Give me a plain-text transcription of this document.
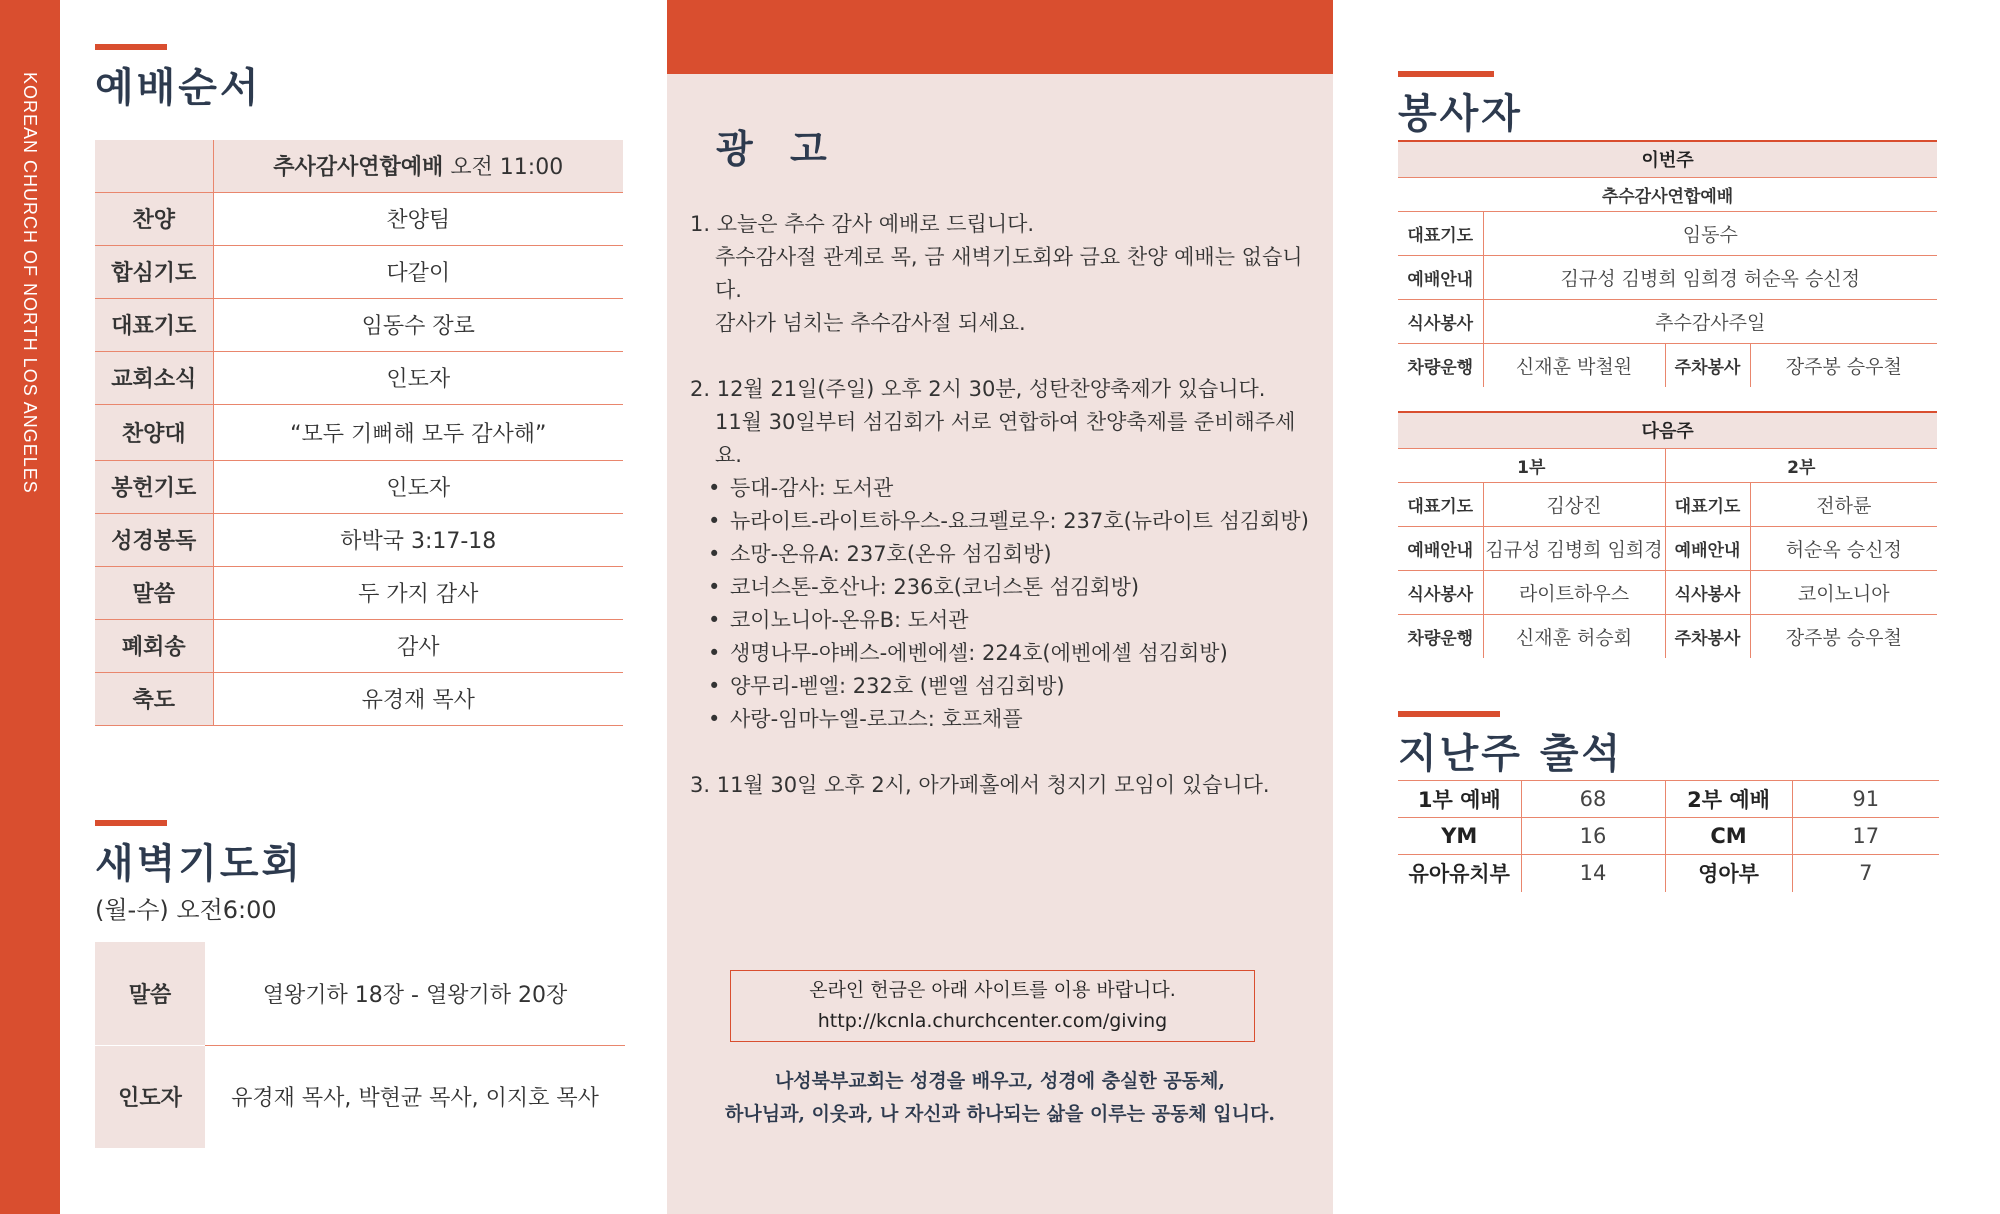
KOREAN CHURCH OF NORTH LOS ANGELES 예배순서
	추사감사연합예배 오전 11:00
찬양	찬양팀
합심기도	다같이
대표기도	임동수 장로
교회소식	인도자
찬양대	“모두 기뻐해 모두 감사해”
봉헌기도	인도자
성경봉독	하박국 3:17-18
말씀	두 가지 감사
폐회송	감사
축도	유경재 목사
새벽기도회
(월-수) 오전6:00
말씀	열왕기하 18장 - 열왕기하 20장
인도자	유경재 목사, 박현균 목사, 이지호 목사
광 고
1. 오늘은 추수 감사 예배로 드립니다.
추수감사절 관계로 목, 금 새벽기도회와 금요 찬양 예배는 없습니다.
감사가 넘치는 추수감사절 되세요.
2. 12월 21일(주일) 오후 2시 30분, 성탄찬양축제가 있습니다.
11월 30일부터 섬김회가 서로 연합하여 찬양축제를 준비해주세요.
• 등대-감사: 도서관
• 뉴라이트-라이트하우스-요크펠로우: 237호(뉴라이트 섬김회방)
• 소망-온유A: 237호(온유 섬김회방)
• 코너스톤-호산나: 236호(코너스톤 섬김회방)
• 코이노니아-온유B: 도서관
• 생명나무-야베스-에벤에셀: 224호(에벤에셀 섬김회방)
• 양무리-벧엘: 232호 (벧엘 섬김회방)
• 사랑-임마누엘-로고스: 호프채플
3. 11월 30일 오후 2시, 아가페홀에서 청지기 모임이 있습니다.
온라인 헌금은 아래 사이트를 이용 바랍니다.
http://kcnla.churchcenter.com/giving
나성북부교회는 성경을 배우고, 성경에 충실한 공동체,
하나님과, 이웃과, 나 자신과 하나되는 삶을 이루는 공동체 입니다.
봉사자
이번주			
추수감사연합예배			
대표기도	임동수		
예배안내	김규성 김병희 임희경 허순옥 승신정		
식사봉사	추수감사주일		
차량운행	신재훈 박철원	주차봉사	장주봉 승우철
다음주			
1부		2부	
대표기도	김상진	대표기도	전하륜
예배안내	김규성 김병희 임희경	예배안내	허순옥 승신정
식사봉사	라이트하우스	식사봉사	코이노니아
차량운행	신재훈 허승회	주차봉사	장주봉 승우철
지난주 출석
1부 예배	68	2부 예배	91
YM	16	CM	17
유아유치부	14	영아부	7
